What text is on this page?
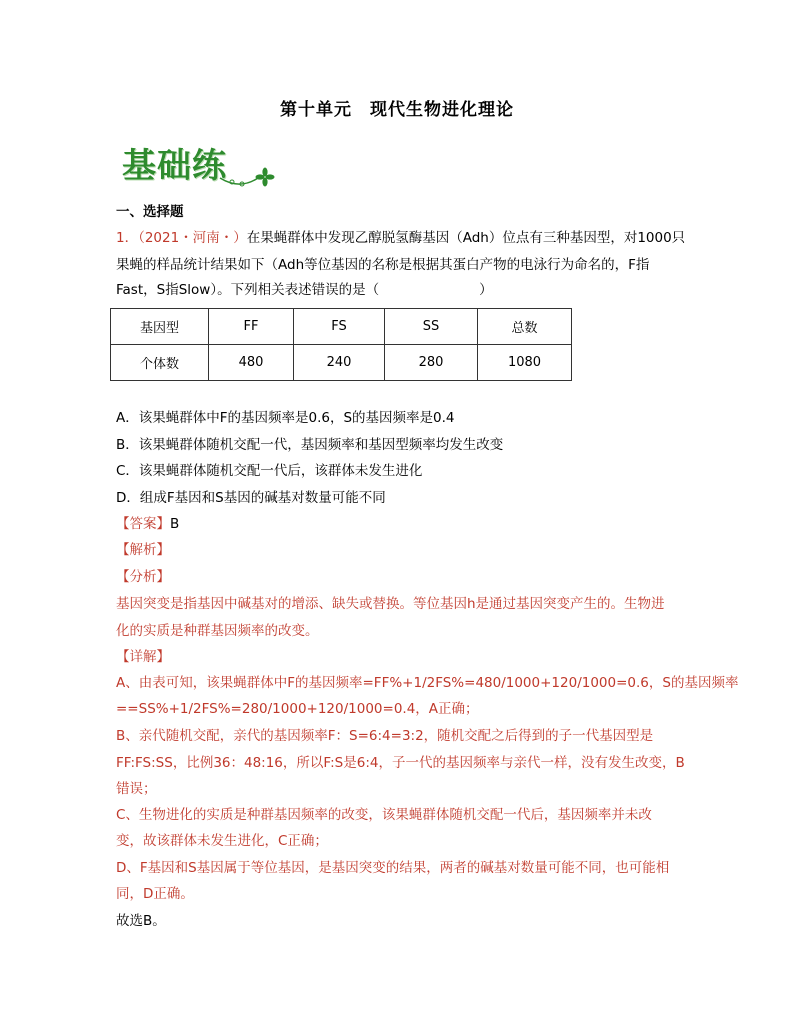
第十单元　现代生物进化理论
基础练
一、选择题
1．（2021・河南・）在果蝇群体中发现乙醇脱氢酶基因（Adh）位点有三种基因型，对1000只
果蝇的样品统计结果如下（Adh等位基因的名称是根据其蛋白产物的电泳行为命名的，F指
Fast，S指Slow）。下列相关表述错误的是（	）
基因型	FF	FS	SS	总数
个体数	480	240	280	1080
A．该果蝇群体中F的基因频率是0.6，S的基因频率是0.4
B．该果蝇群体随机交配一代，基因频率和基因型频率均发生改变
C．该果蝇群体随机交配一代后，该群体未发生进化
D．组成F基因和S基因的碱基对数量可能不同
【答案】B
【解析】
【分析】
基因突变是指基因中碱基对的增添、缺失或替换。等位基因h是通过基因突变产生的。生物进
化的实质是种群基因频率的改变。
【详解】
A、由表可知，该果蝇群体中F的基因频率=FF%+1/2FS%=480/1000+120/1000=0.6，S的基因频率
==SS%+1/2FS%=280/1000+120/1000=0.4，A正确；
B、亲代随机交配，亲代的基因频率F：S=6:4=3:2，随机交配之后得到的子一代基因型是
FF:FS:SS，比例36：48:16，所以F:S是6:4，子一代的基因频率与亲代一样，没有发生改变，B
错误；
C、生物进化的实质是种群基因频率的改变，该果蝇群体随机交配一代后，基因频率并未改
变，故该群体未发生进化，C正确；
D、F基因和S基因属于等位基因，是基因突变的结果，两者的碱基对数量可能不同，也可能相
同，D正确。
故选B。
